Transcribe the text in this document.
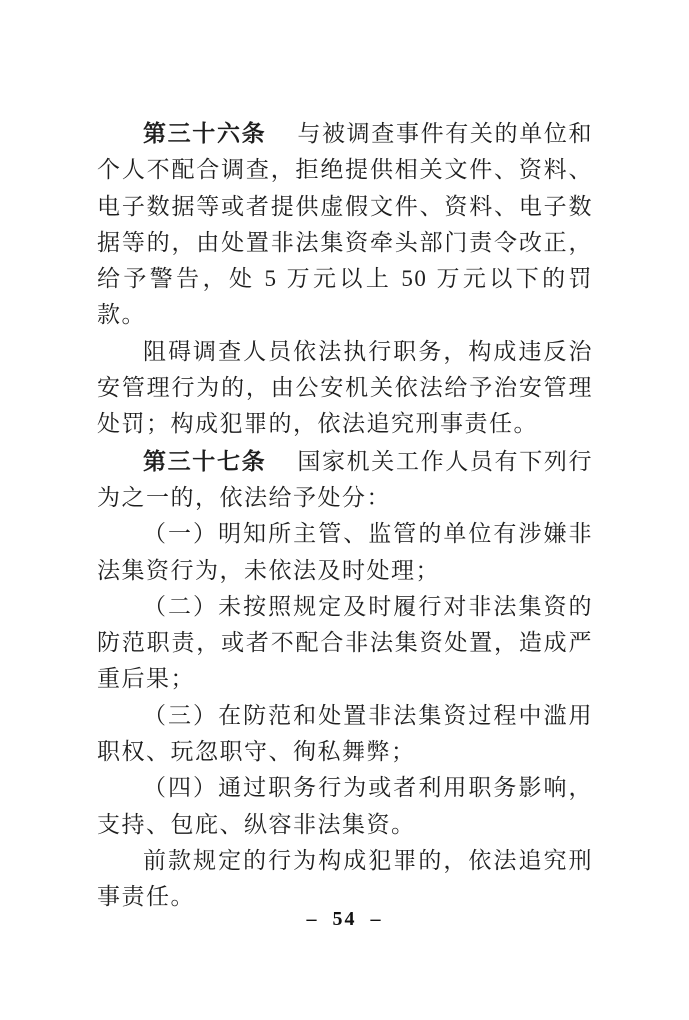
第三十六条 与被调查事件有关的单位和个人不配合调查，拒绝提供相关文件、资料、电子数据等或者提供虚假文件、资料、电子数据等的，由处置非法集资牵头部门责令改正，给予警告，处 5 万元以上 50 万元以下的罚款。

阻碍调查人员依法执行职务，构成违反治安管理行为的，由公安机关依法给予治安管理处罚；构成犯罪的，依法追究刑事责任。

第三十七条 国家机关工作人员有下列行为之一的，依法给予处分：

（一）明知所主管、监管的单位有涉嫌非法集资行为，未依法及时处理；

（二）未按照规定及时履行对非法集资的防范职责，或者不配合非法集资处置，造成严重后果；

（三）在防范和处置非法集资过程中滥用职权、玩忽职守、徇私舞弊；

（四）通过职务行为或者利用职务影响，支持、包庇、纵容非法集资。

前款规定的行为构成犯罪的，依法追究刑事责任。

– 54 –
